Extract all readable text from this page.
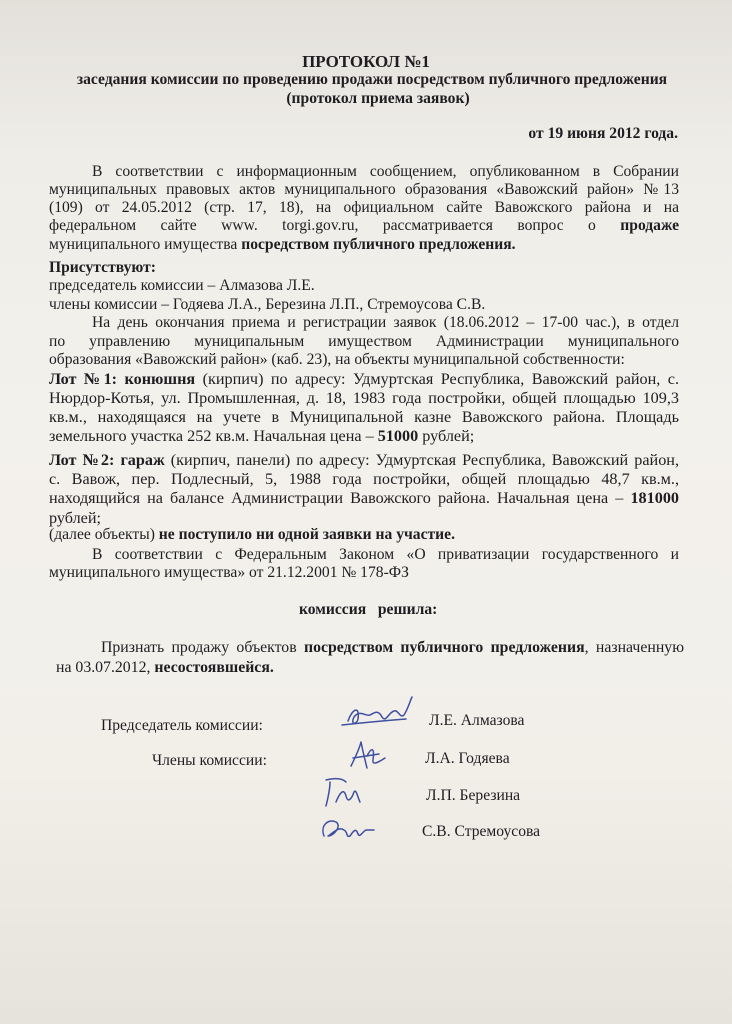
ПРОТОКОЛ №1
заседания комиссии по проведению продажи посредством публичного предложения
(протокол приема заявок)
от 19 июня 2012 года.
В соответствии с информационным сообщением, опубликованном в Собрании
муниципальных правовых актов муниципального образования «Вавожский район» №13
(109) от 24.05.2012 (стр. 17, 18), на официальном сайте Вавожского района и на
федеральном сайте www. torgi.gov.ru, рассматривается вопрос о продаже
муниципального имущества посредством публичного предложения.
Присутствуют:
председатель комиссии – Алмазова Л.Е.
члены комиссии – Годяева Л.А., Березина Л.П., Стремоусова С.В.
На день окончания приема и регистрации заявок (18.06.2012 – 17-00 час.), в отдел
по управлению муниципальным имуществом Администрации муниципального
образования «Вавожский район» (каб. 23), на объекты муниципальной собственности:
Лот №1: конюшня (кирпич) по адресу: Удмуртская Республика, Вавожский район, с.
Нюрдор-Котья, ул. Промышленная, д. 18, 1983 года постройки, общей площадью 109,3
кв.м., находящаяся на учете в Муниципальной казне Вавожского района. Площадь
земельного участка 252 кв.м. Начальная цена – 51000 рублей;
Лот №2: гараж (кирпич, панели) по адресу: Удмуртская Республика, Вавожский район,
с. Вавож, пер. Подлесный, 5, 1988 года постройки, общей площадью 48,7 кв.м.,
находящийся на балансе Администрации Вавожского района. Начальная цена – 181000
рублей;
(далее объекты) не поступило ни одной заявки на участие.
В соответствии с Федеральным Законом «О приватизации государственного и
муниципального имущества» от 21.12.2001 № 178-ФЗ
комиссия   решила:
Признать продажу объектов посредством публичного предложения, назначенную
на 03.07.2012, несостоявшейся.
Председатель комиссии:
Члены комиссии:
Л.Е. Алмазова
Л.А. Годяева
Л.П. Березина
С.В. Стремоусова
